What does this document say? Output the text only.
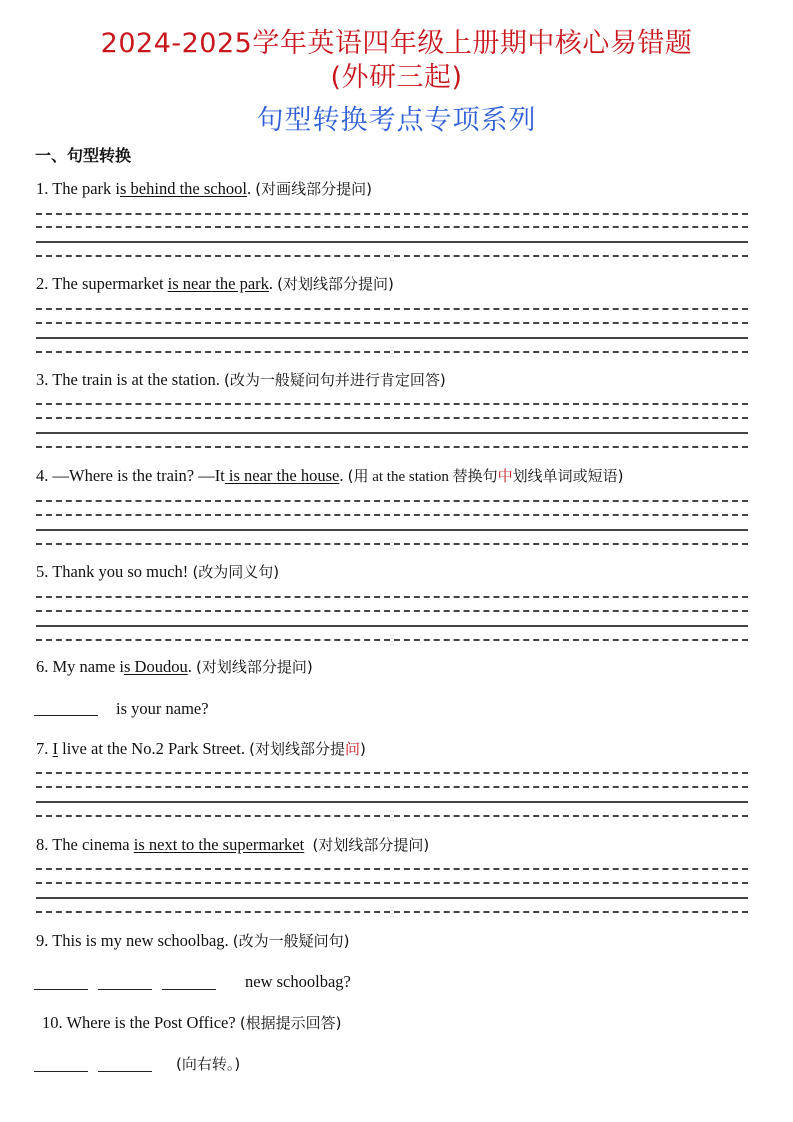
2024-2025学年英语四年级上册期中核心易错题
(外研三起)
句型转换考点专项系列
一、句型转换
1. The park is behind the school. (对画线部分提问)
2. The supermarket is near the park. (对划线部分提问)
3. The train is at the station. (改为一般疑问句并进行肯定回答)
4. —Where is the train? —It is near the house. (用 at the station 替换句中划线单词或短语)
5. Thank you so much! (改为同义句)
6. My name is Doudou. (对划线部分提问)
is your name?
7. I live at the No.2 Park Street. (对划线部分提问)
8. The cinema is next to the supermarket (对划线部分提问)
9. This is my new schoolbag. (改为一般疑问句)
new schoolbag?
10. Where is the Post Office? (根据提示回答)
(向右转。)
